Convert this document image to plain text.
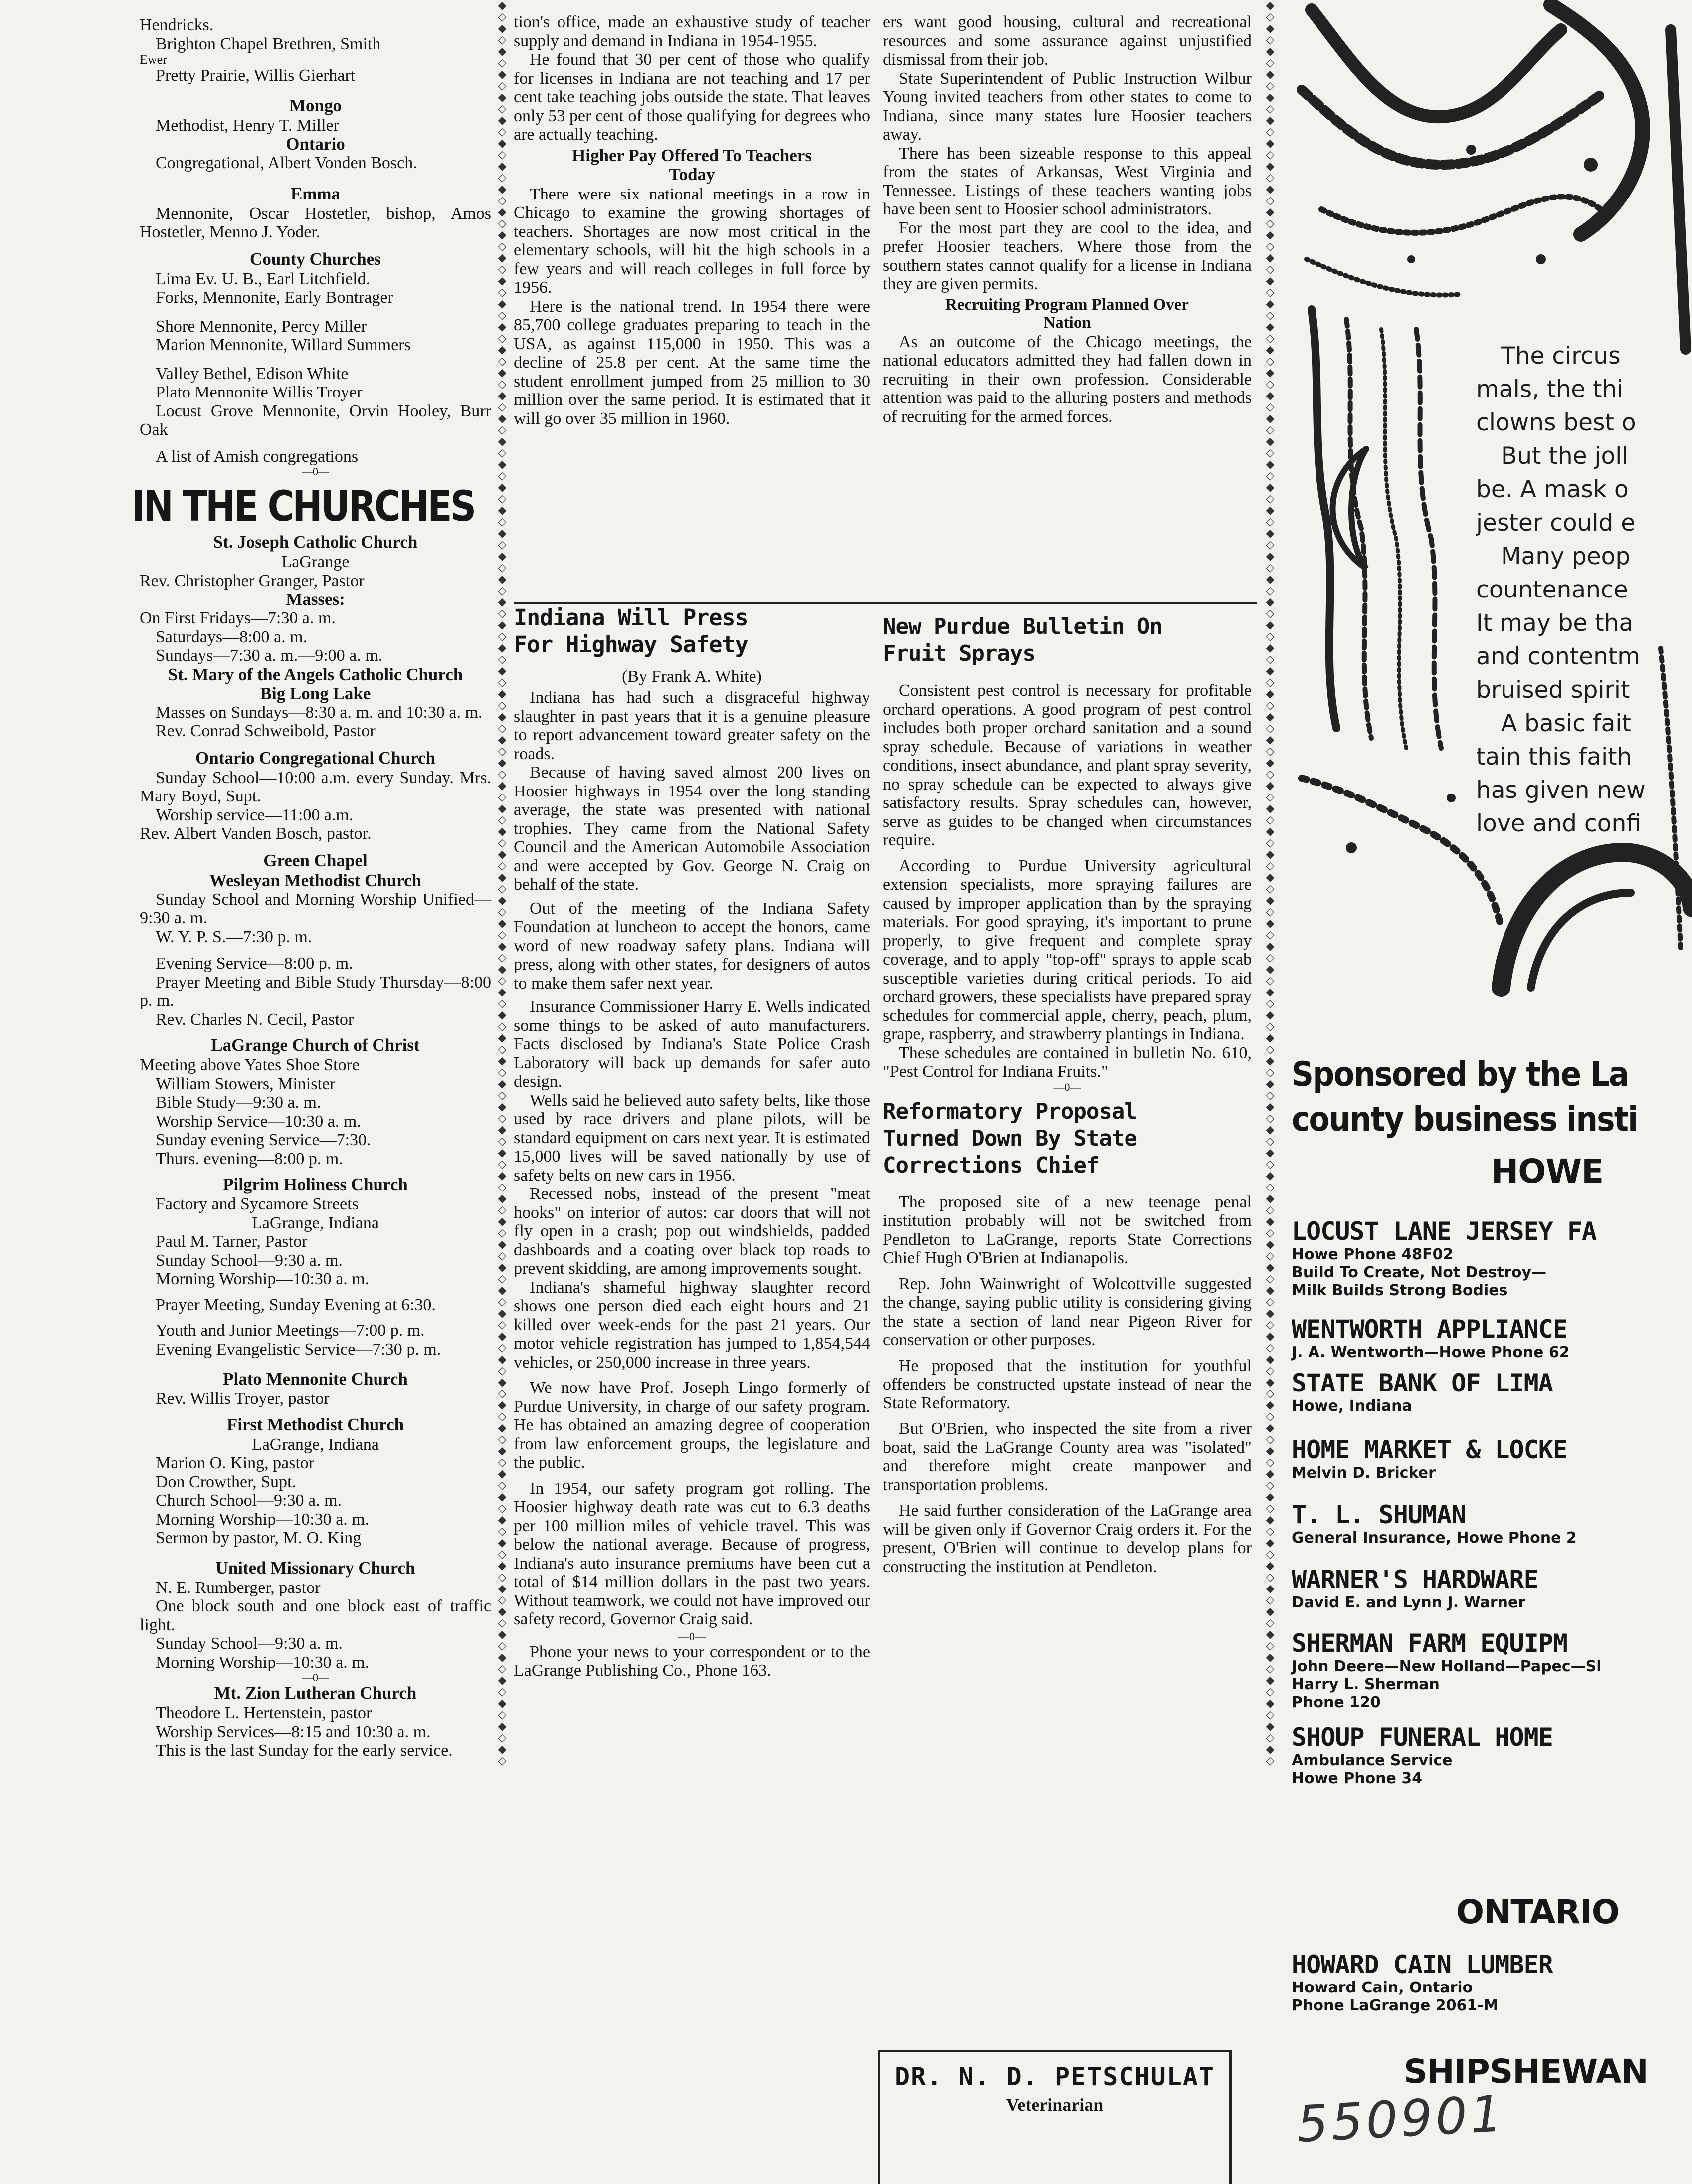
◆◇◆◇◆◇◆◇◆◇◆◇◆◇◆◇◆◇◆◇◆◇◆◇◆◇◆◇◆◇◆◇◆◇◆◇◆◇◆◇◆◇◆◇◆◇◆◇◆◇◆◇◆◇◆◇◆◇◆◇◆◇◆◇◆◇◆◇◆◇◆◇◆◇◆◇◆◇◆◇◆◇◆◇◆◇◆◇◆◇◆◇◆◇◆◇◆◇◆◇◆◇◆◇◆◇◆◇◆◇◆◇◆◇◆◇◆◇◆◇◆◇◆◇◆◇◆◇◆◇◆◇◆◇◆◇◆◇◆◇◆◇◆◇◆◇◆◇◆◇◆◇◆◇
◆◇◆◇◆◇◆◇◆◇◆◇◆◇◆◇◆◇◆◇◆◇◆◇◆◇◆◇◆◇◆◇◆◇◆◇◆◇◆◇◆◇◆◇◆◇◆◇◆◇◆◇◆◇◆◇◆◇◆◇◆◇◆◇◆◇◆◇◆◇◆◇◆◇◆◇◆◇◆◇◆◇◆◇◆◇◆◇◆◇◆◇◆◇◆◇◆◇◆◇◆◇◆◇◆◇◆◇◆◇◆◇◆◇◆◇◆◇◆◇◆◇◆◇◆◇◆◇◆◇◆◇◆◇◆◇◆◇◆◇◆◇◆◇◆◇◆◇◆◇◆◇◆◇

Hendricks.

Brighton Chapel Brethren, Smith

Ewer

Pretty Prairie, Willis Gierhart

Mongo

Methodist, Henry T. Miller

Ontario

Congregational, Albert Vonden Bosch.

Emma

Mennonite, Oscar Hostetler, bishop, Amos Hostetler, Menno J. Yoder.

County Churches

Lima Ev. U. B., Earl Litchfield.

Forks, Mennonite, Early Bontrager

Shore Mennonite, Percy Miller

Marion Mennonite, Willard Summers

Valley Bethel, Edison White

Plato Mennonite Willis Troyer

Locust Grove Mennonite, Orvin Hooley, Burr Oak

A list of Amish congregations

—0—

IN THE CHURCHES

St. Joseph Catholic Church

LaGrange

Rev. Christopher Granger, Pastor

Masses:

On First Fridays—7:30 a. m.

Saturdays—8:00 a. m.

Sundays—7:30 a. m.—9:00 a. m.

St. Mary of the Angels Catholic Church

Big Long Lake

Masses on Sundays—8:30 a. m. and 10:30 a. m.

Rev. Conrad Schweibold, Pastor

Ontario Congregational Church

Sunday School—10:00 a.m. every Sunday. Mrs. Mary Boyd, Supt.

Worship service—11:00 a.m.

Rev. Albert Vanden Bosch, pastor.

Green Chapel

Wesleyan Methodist Church

Sunday School and Morning Worship Unified—9:30 a. m.

W. Y. P. S.—7:30 p. m.

Evening Service—8:00 p. m.

Prayer Meeting and Bible Study Thursday—8:00 p. m.

Rev. Charles N. Cecil, Pastor

LaGrange Church of Christ

Meeting above Yates Shoe Store

William Stowers, Minister

Bible Study—9:30 a. m.

Worship Service—10:30 a. m.

Sunday evening Service—7:30.

Thurs. evening—8:00 p. m.

Pilgrim Holiness Church

Factory and Sycamore Streets

LaGrange, Indiana

Paul M. Tarner, Pastor

Sunday School—9:30 a. m.

Morning Worship—10:30 a. m.

Prayer Meeting, Sunday Evening at 6:30.

Youth and Junior Meetings—7:00 p. m.

Evening Evangelistic Service—7:30 p. m.

Plato Mennonite Church

Rev. Willis Troyer, pastor

First Methodist Church

LaGrange, Indiana

Marion O. King, pastor

Don Crowther, Supt.

Church School—9:30 a. m.

Morning Worship—10:30 a. m.

Sermon by pastor, M. O. King

United Missionary Church

N. E. Rumberger, pastor

One block south and one block east of traffic light.

Sunday School—9:30 a. m.

Morning Worship—10:30 a. m.

—0—

Mt. Zion Lutheran Church

Theodore L. Hertenstein, pastor

Worship Services—8:15 and 10:30 a. m.

This is the last Sunday for the early service.

tion's office, made an exhaustive study of teacher supply and demand in Indiana in 1954-1955.

He found that 30 per cent of those who qualify for licenses in Indiana are not teaching and 17 per cent take teaching jobs outside the state. That leaves only 53 per cent of those qualifying for degrees who are actually teaching.

Higher Pay Offered To Teachers Today

There were six national meetings in a row in Chicago to examine the growing shortages of teachers. Shortages are now most critical in the elementary schools, will hit the high schools in a few years and will reach colleges in full force by 1956.

Here is the national trend. In 1954 there were 85,700 college graduates preparing to teach in the USA, as against 115,000 in 1950. This was a decline of 25.8 per cent. At the same time the student enrollment jumped from 25 million to 30 million over the same period. It is estimated that it will go over 35 million in 1960.

Indiana Will Press For Highway Safety

(By Frank A. White)

Indiana has had such a disgraceful highway slaughter in past years that it is a genuine pleasure to report advancement toward greater safety on the roads.

Because of having saved almost 200 lives on Hoosier highways in 1954 over the long standing average, the state was presented with national trophies. They came from the National Safety Council and the American Automobile Association and were accepted by Gov. George N. Craig on behalf of the state.

Out of the meeting of the Indiana Safety Foundation at luncheon to accept the honors, came word of new roadway safety plans. Indiana will press, along with other states, for designers of autos to make them safer next year.

Insurance Commissioner Harry E. Wells indicated some things to be asked of auto manufacturers. Facts disclosed by Indiana's State Police Crash Laboratory will back up demands for safer auto design.

Wells said he believed auto safety belts, like those used by race drivers and plane pilots, will be standard equipment on cars next year. It is estimated 15,000 lives will be saved nationally by use of safety belts on new cars in 1956.

Recessed nobs, instead of the present "meat hooks" on interior of autos: car doors that will not fly open in a crash; pop out windshields, padded dashboards and a coating over black top roads to prevent skidding, are among improvements sought.

Indiana's shameful highway slaughter record shows one person died each eight hours and 21 killed over week-ends for the past 21 years. Our motor vehicle registration has jumped to 1,854,544 vehicles, or 250,000 increase in three years.

We now have Prof. Joseph Lingo formerly of Purdue University, in charge of our safety program. He has obtained an amazing degree of cooperation from law enforcement groups, the legislature and the public.

In 1954, our safety program got rolling. The Hoosier highway death rate was cut to 6.3 deaths per 100 million miles of vehicle travel. This was below the national average. Because of progress, Indiana's auto insurance premiums have been cut a total of $14 million dollars in the past two years. Without teamwork, we could not have improved our safety record, Governor Craig said.

—0—

Phone your news to your correspondent or to the LaGrange Publishing Co., Phone 163.

ers want good housing, cultural and recreational resources and some assurance against unjustified dismissal from their job.

State Superintendent of Public Instruction Wilbur Young invited teachers from other states to come to Indiana, since many states lure Hoosier teachers away.

There has been sizeable response to this appeal from the states of Arkansas, West Virginia and Tennessee. Listings of these teachers wanting jobs have been sent to Hoosier school administrators.

For the most part they are cool to the idea, and prefer Hoosier teachers. Where those from the southern states cannot qualify for a license in Indiana they are given permits.

Recruiting Program Planned Over Nation

As an outcome of the Chicago meetings, the national educators admitted they had fallen down in recruiting in their own profession. Considerable attention was paid to the alluring posters and methods of recruiting for the armed forces.

New Purdue Bulletin On Fruit Sprays

Consistent pest control is necessary for profitable orchard operations. A good program of pest control includes both proper orchard sanitation and a sound spray schedule. Because of variations in weather conditions, insect abundance, and plant spray severity, no spray schedule can be expected to always give satisfactory results. Spray schedules can, however, serve as guides to be changed when circumstances require.

According to Purdue University agricultural extension specialists, more spraying failures are caused by improper application than by the spraying materials. For good spraying, it's important to prune properly, to give frequent and complete spray coverage, and to apply "top-off" sprays to apple scab susceptible varieties during critical periods. To aid orchard growers, these specialists have prepared spray schedules for commercial apple, cherry, peach, plum, grape, raspberry, and strawberry plantings in Indiana.

These schedules are contained in bulletin No. 610, "Pest Control for Indiana Fruits."

—0—

Reformatory Proposal Turned Down By State Corrections Chief

The proposed site of a new teenage penal institution probably will not be switched from Pendleton to LaGrange, reports State Corrections Chief Hugh O'Brien at Indianapolis.

Rep. John Wainwright of Wolcottville suggested the change, saying public utility is considering giving the state a section of land near Pigeon River for conservation or other purposes.

He proposed that the institution for youthful offenders be constructed upstate instead of near the State Reformatory.

But O'Brien, who inspected the site from a river boat, said the LaGrange County area was "isolated" and therefore might create manpower and transportation problems.

He said further consideration of the LaGrange area will be given only if Governor Craig orders it. For the present, O'Brien will continue to develop plans for constructing the institution at Pendleton.

DR. N. D. PETSCHULAT
Veterinarian

The circus

mals, the thi

clowns best o

But the joll

be. A mask o

jester could e

Many peop

countenance

It may be tha

and contentm

bruised spirit

A basic fait

tain this faith

has given new

love and confi

Sponsored by the La
county business insti
HOWE

LOCUST LANE JERSEY FA

Howe Phone 48F02

Build To Create, Not Destroy—

Milk Builds Strong Bodies

WENTWORTH APPLIANCE

J. A. Wentworth—Howe Phone 62

STATE BANK OF LIMA

Howe, Indiana

HOME MARKET & LOCKE

Melvin D. Bricker

T. L. SHUMAN

General Insurance, Howe Phone 2

WARNER'S HARDWARE

David E. and Lynn J. Warner

SHERMAN FARM EQUIPM

John Deere—New Holland—Papec—Sl

Harry L. Sherman

Phone 120

SHOUP FUNERAL HOME

Ambulance Service

Howe Phone 34

ONTARIO

HOWARD CAIN LUMBER

Howard Cain, Ontario

Phone LaGrange 2061-M

SHIPSHEWAN
550901
